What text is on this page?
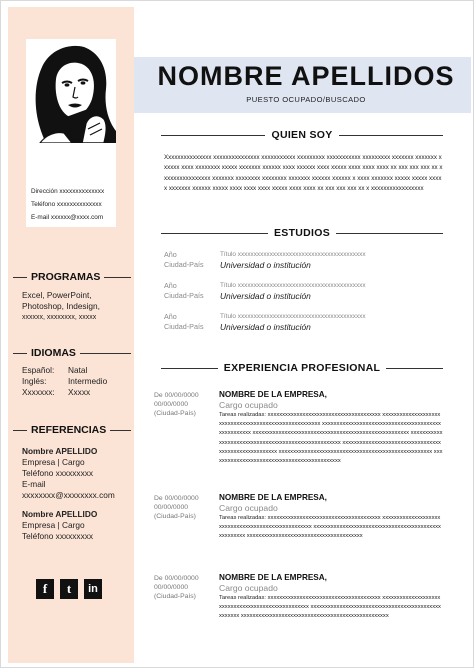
Dirección xxxxxxxxxxxxxx
Teléfono xxxxxxxxxxxxxx
E-mail xxxxxx@xxxx.com
PROGRAMAS
Excel, PowerPoint,
Photoshop, Indesign,
xxxxxx, xxxxxxxx, xxxxx
IDIOMAS
Español:	Natal
Inglés:	Intermedio
Xxxxxxx:	Xxxxx
REFERENCIAS
Nombre APELLIDO
Empresa | Cargo
Teléfono xxxxxxxxx
E-mail
xxxxxxxx@xxxxxxxx.com
Nombre APELLIDO
Empresa | Cargo
Teléfono xxxxxxxxx
f	t	in
NOMBRE APELLIDOS
PUESTO OCUPADO/BUSCADO
QUIEN SOY
Xxxxxxxxxxxxxxx xxxxxxxxxxxxxxx xxxxxxxxxxx xxxxxxxxx xxxxxxxxxxx xxxxxxxxx xxxxxxx xxxxxxx xxxxxx xxxx xxxxxxxx xxxxx xxxxxxx xxxxxx xxxx xxxxxx xxxx xxxxx xxxx xxxx xxxx xx xxx xxx xxx xx x xxxxxxxxxxxxxxx xxxxxxx xxxxxxxx xxxxxxxx xxxxxxx xxxxxx xxxxxx x xxxx xxxxxxx xxxxx xxxxx xxxxx xxxxxxx xxxxxx xxxxx xxxx xxxx xxxx xxxxx xxxx xxxx xx xxx xxx xxx xx x xxxxxxxxxxxxxxxxx
ESTUDIOS
Año	Título xxxxxxxxxxxxxxxxxxxxxxxxxxxxxxxxxxxxxxxx
Ciudad-País	Universidad o institución
Año	Título xxxxxxxxxxxxxxxxxxxxxxxxxxxxxxxxxxxxxxxx
Ciudad-País	Universidad o institución
Año	Título xxxxxxxxxxxxxxxxxxxxxxxxxxxxxxxxxxxxxxxx
Ciudad-País	Universidad o institución
EXPERIENCIA PROFESIONAL
De 00/00/0000
00/00/0000
(Ciudad-País)
NOMBRE DE LA EMPRESA,
Cargo ocupado
Tareas realizadas: xxxxxxxxxxxxxxxxxxxxxxxxxxxxxxxxxxxxxxx xxxxxxxxxxxxxxxxxxxxxxxxxxxxxxxxxxxxxxxxxxxxxxxxxxxxxxx xxxxxxxxxxxxxxxxxxxxxxxxxxxxxxxxxxxxxxxxxxxxxxxxxxxx xxxxxxxxxxxxxxxxxxxxxxxxxxxxxxxxxxxxxxxxxxxxxxxxxxxxxx xxxxxxxxxxxxxxxxxxxxxxxxxxxxxxxxxxxxxxxxxxxxxxxxxxxxx xxxxxxxxxxxxxxxxxxxxxxxxxxxxxxxxxxxxxxxxxxxxxxxxxxxxxx xxxxxxxxxxxxxxxxxxxxxxxxxxxxxxxxxxxxxxxxxxxxxxxxxxxxx xxxxxxxxxxxxxxxxxxxxxxxxxxxxxxxxxxxxxxxxxxxxx
De 00/00/0000
00/00/0000
(Ciudad-País)
NOMBRE DE LA EMPRESA,
Cargo ocupado
Tareas realizadas: xxxxxxxxxxxxxxxxxxxxxxxxxxxxxxxxxxxxxxx xxxxxxxxxxxxxxxxxxxxxxxxxxxxxxxxxxxxxxxxxxxxxxxxxxxx xxxxxxxxxxxxxxxxxxxxxxxxxxxxxxxxxxxxxxxxxxxxxxxxxxxxx xxxxxxxxxxxxxxxxxxxxxxxxxxxxxxxxxxxxxxxx
De 00/00/0000
00/00/0000
(Ciudad-País)
NOMBRE DE LA EMPRESA,
Cargo ocupado
Tareas realizadas: xxxxxxxxxxxxxxxxxxxxxxxxxxxxxxxxxxxxxxx xxxxxxxxxxxxxxxxxxxxxxxxxxxxxxxxxxxxxxxxxxxxxxxxxxx xxxxxxxxxxxxxxxxxxxxxxxxxxxxxxxxxxxxxxxxxxxxxxxxxxxx xxxxxxxxxxxxxxxxxxxxxxxxxxxxxxxxxxxxxxxxxxxxxxxxxxx
